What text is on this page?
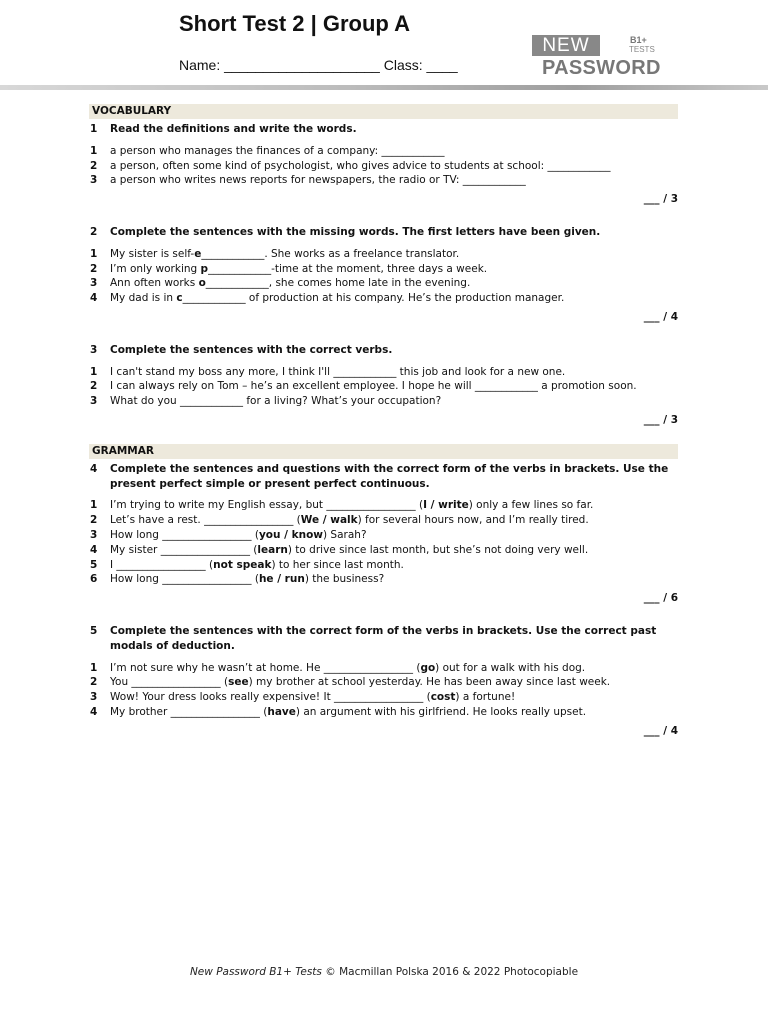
Short Test 2 | Group A
Name: ____________________ Class: ____
NEW	B1+
TESTS
PASSWORD
VOCABULARY
1	Read the definitions and write the words.
1	a person who manages the finances of a company: ____________
2	a person, often some kind of psychologist, who gives advice to students at school: ____________
3	a person who writes news reports for newspapers, the radio or TV: ____________
___ / 3
2	Complete the sentences with the missing words. The first letters have been given.
1	My sister is self-e____________. She works as a freelance translator.
2	I’m only working p____________-time at the moment, three days a week.
3	Ann often works o____________, she comes home late in the evening.
4	My dad is in c____________ of production at his company. He’s the production manager.
___ / 4
3	Complete the sentences with the correct verbs.
1	I can't stand my boss any more, I think I'll ____________ this job and look for a new one.
2	I can always rely on Tom – he’s an excellent employee. I hope he will ____________ a promotion soon.
3	What do you ____________ for a living? What’s your occupation?
___ / 3
GRAMMAR
4	Complete the sentences and questions with the correct form of the verbs in brackets. Use the present perfect simple or present perfect continuous.
1	I’m trying to write my English essay, but _________________ (I / write) only a few lines so far.
2	Let’s have a rest. _________________ (We / walk) for several hours now, and I’m really tired.
3	How long _________________ (you / know) Sarah?
4	My sister _________________ (learn) to drive since last month, but she’s not doing very well.
5	I _________________ (not speak) to her since last month.
6	How long _________________ (he / run) the business?
___ / 6
5	Complete the sentences with the correct form of the verbs in brackets. Use the correct past modals of deduction.
1	I’m not sure why he wasn’t at home. He _________________ (go) out for a walk with his dog.
2	You _________________ (see) my brother at school yesterday. He has been away since last week.
3	Wow! Your dress looks really expensive! It _________________ (cost) a fortune!
4	My brother _________________ (have) an argument with his girlfriend. He looks really upset.
___ / 4
New Password B1+ Tests © Macmillan Polska 2016 & 2022 Photocopiable
